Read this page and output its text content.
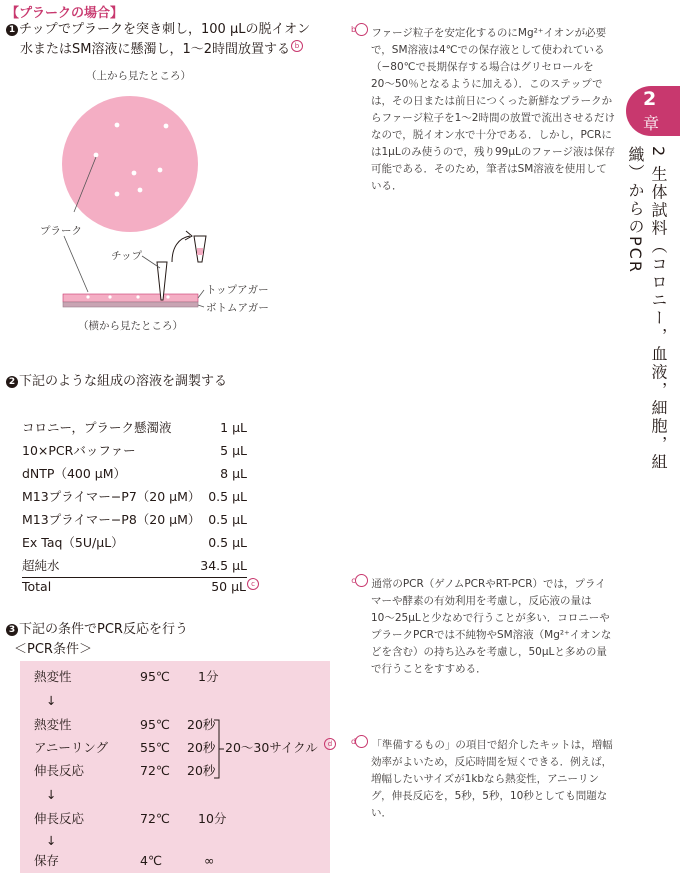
【プラークの場合】
1 チップでプラークを突き刺し，100 μLの脱イオン
水またはSM溶液に懸濁し，1〜2時間放置する b
（上から見たところ）
プラーク
チップ
トップアガー
ボトムアガー
（横から見たところ）

b ファージ粒子を安定化するのにMg²⁺イオンが必要で，SM溶液は4℃での保存液として使われている（−80℃で長期保存する場合はグリセロールを20〜50％となるように加える）．このステップでは，その日または前日につくった新鮮なプラークからファージ粒子を1〜2時間の放置で流出させるだけなので，脱イオン水で十分である．しかし，PCRには1μLのみ使うので，残り99μLのファージ液は保存可能である．そのため，筆者はSM溶液を使用している．

2 下記のような組成の溶液を調製する
コロニー，プラーク懸濁液	1 μL
10×PCRバッファー	5 μL
dNTP（400 μM）	8 μL
M13プライマー−P7（20 μM） 0.5 μL
M13プライマー−P8（20 μM） 0.5 μL
Ex Taq（5U/μL）	0.5 μL
超純水	34.5 μL
Total	50 μL c	c 通常のPCR（ゲノムPCRやRT-PCR）では，プライマーや酵素の有効利用を考慮し，反応液の量は10〜25μLと少なめで行うことが多い．コロニーやプラークPCRでは不純物やSM溶液（Mg²⁺イオンなどを含む）の持ち込みを考慮し，50μLと多めの量で行うことをすすめる．

3 下記の条件でPCR反応を行う
＜PCR条件＞
熱変性	95℃ 1分
↓
熱変性	95℃ 20秒
アニーリング	55℃ 20秒
伸長反応	72℃ 20秒
20〜30サイクル	d
↓
伸長反応	72℃ 10分
↓
保存	4℃	∞

d 「準備するもの」の項目で紹介したキットは，増幅効率がよいため，反応時間を短くできる．例えば，増幅したいサイズが1kbなら熱変性，アニーリング，伸長反応を，5秒，5秒，10秒としても問題ない．

2
章
2 生体試料（コロニー，血液，細胞，組織）からのPCR
